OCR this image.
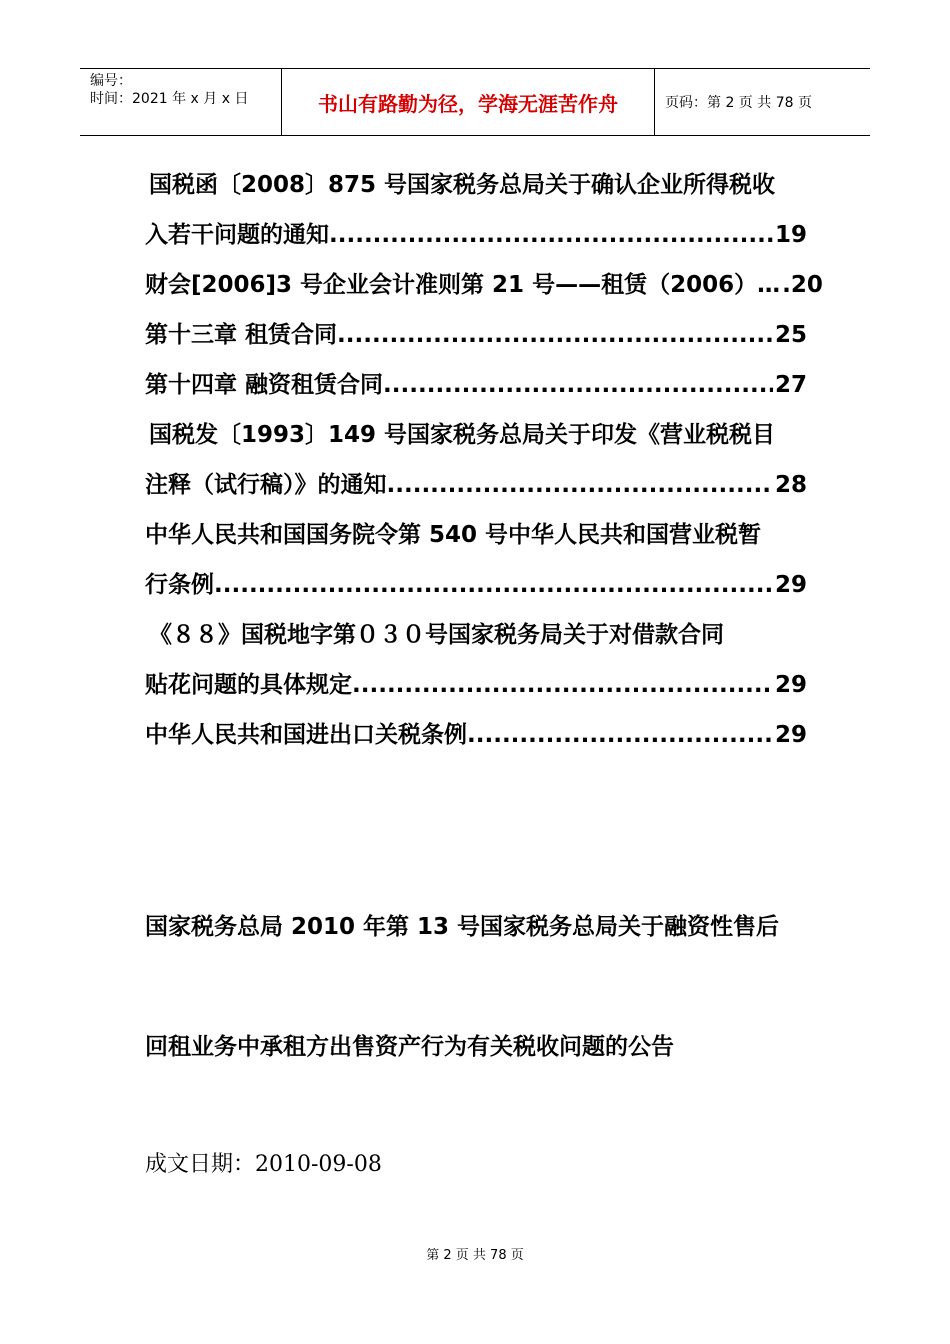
编号：
时间：2021 年 x 月 x 日	书山有路勤为径，学海无涯苦作舟	页码：第 2 页 共 78 页
国税函〔2008〕875 号国家税务总局关于确认企业所得税收
入若干问题的通知 .....	19
财会[2006]3 号企业会计准则第 21 号——租赁（2006）… .20
第十三章 租赁合同 .....	25
第十四章 融资租赁合同 .....	27
国税发〔1993〕149 号国家税务总局关于印发《营业税税目
注释（试行稿）》的通知 .....	28
中华人民共和国国务院令第 540 号中华人民共和国营业税暂
行条例 .....	29
《８８》国税地字第０３０号国家税务局关于对借款合同
贴花问题的具体规定 .....	29
中华人民共和国进出口关税条例 .....	29
国家税务总局 2010 年第 13 号国家税务总局关于融资性售后
回租业务中承租方出售资产行为有关税收问题的公告
成文日期：2010-09-08
第 2 页 共 78 页
